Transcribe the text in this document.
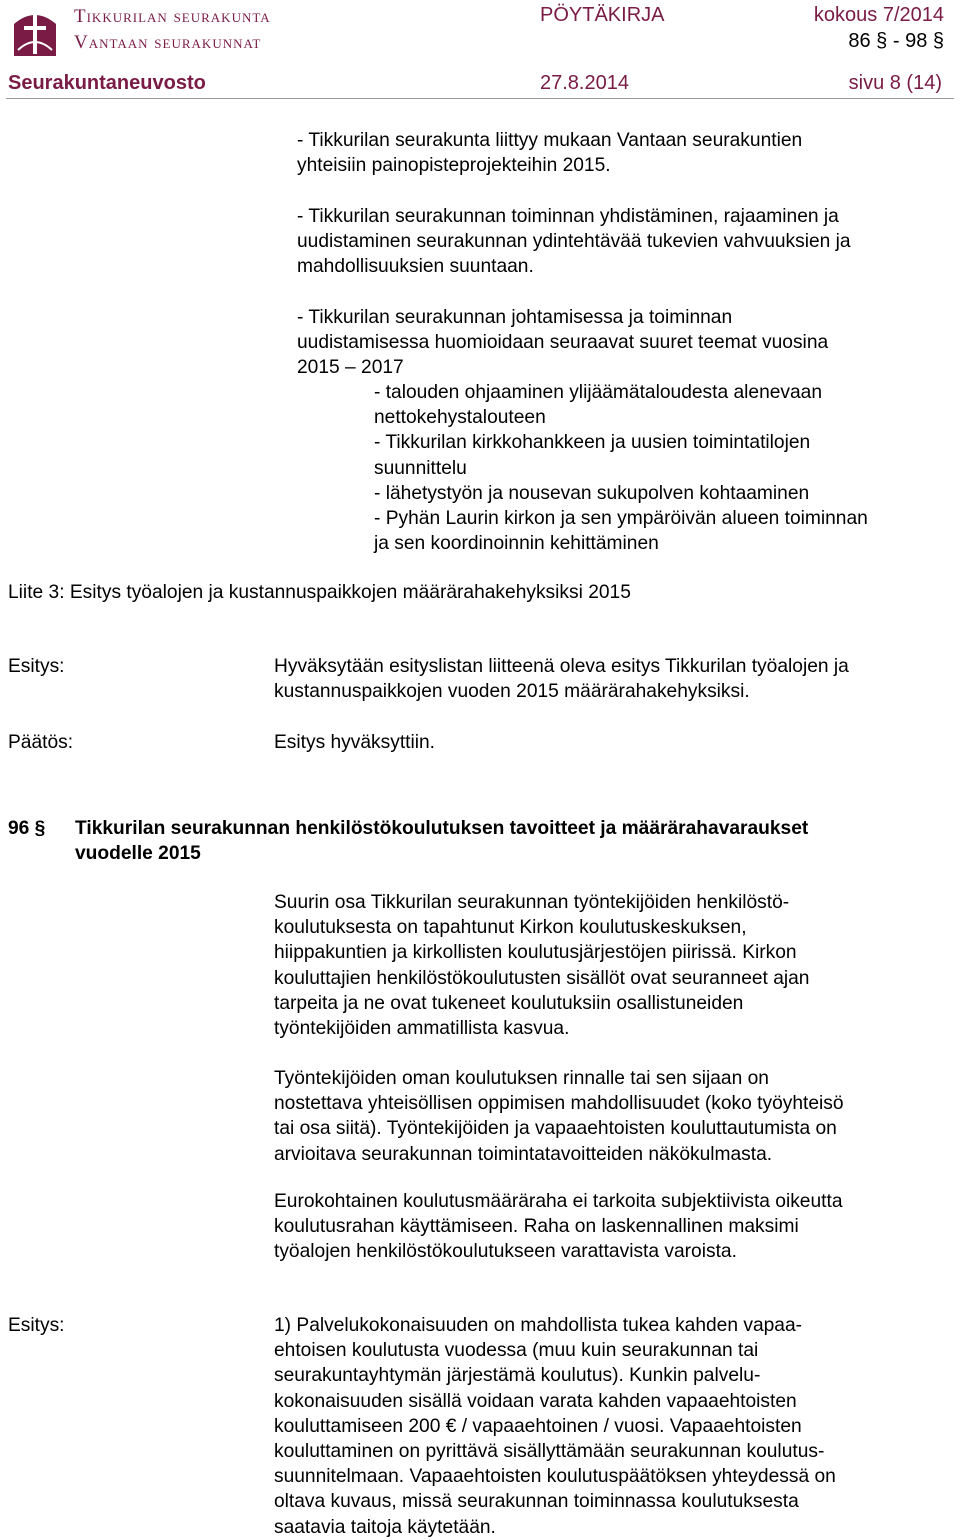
Tikkurilan seurakunta
Vantaan seurakunnat
PÖYTÄKIRJA	kokous 7/2014
86 § - 98 §
Seurakuntaneuvosto	27.8.2014	sivu 8 (14)
- Tikkurilan seurakunta liittyy mukaan Vantaan seurakuntien
yhteisiin painopisteprojekteihin 2015.
- Tikkurilan seurakunnan toiminnan yhdistäminen, rajaaminen ja
uudistaminen seurakunnan ydintehtävää tukevien vahvuuksien ja
mahdollisuuksien suuntaan.
- Tikkurilan seurakunnan johtamisessa ja toiminnan
uudistamisessa huomioidaan seuraavat suuret teemat vuosina
2015 – 2017
- talouden ohjaaminen ylijäämätaloudesta alenevaan
nettokehystalouteen
- Tikkurilan kirkkohankkeen ja uusien toimintatilojen
suunnittelu
- lähetystyön ja nousevan sukupolven kohtaaminen
- Pyhän Laurin kirkon ja sen ympäröivän alueen toiminnan
ja sen koordinoinnin kehittäminen
Liite 3: Esitys työalojen ja kustannuspaikkojen määrärahakehyksiksi 2015
Esitys:	Hyväksytään esityslistan liitteenä oleva esitys Tikkurilan työalojen ja
kustannuspaikkojen vuoden 2015 määrärahakehyksiksi.
Päätös:	Esitys hyväksyttiin.
96 § Tikkurilan seurakunnan henkilöstökoulutuksen tavoitteet ja määrärahavaraukset
vuodelle 2015
Suurin osa Tikkurilan seurakunnan työntekijöiden henkilöstö-
koulutuksesta on tapahtunut Kirkon koulutuskeskuksen,
hiippakuntien ja kirkollisten koulutusjärjestöjen piirissä. Kirkon
kouluttajien henkilöstökoulutusten sisällöt ovat seuranneet ajan
tarpeita ja ne ovat tukeneet koulutuksiin osallistuneiden
työntekijöiden ammatillista kasvua.
Työntekijöiden oman koulutuksen rinnalle tai sen sijaan on
nostettava yhteisöllisen oppimisen mahdollisuudet (koko työyhteisö
tai osa siitä). Työntekijöiden ja vapaaehtoisten kouluttautumista on
arvioitava seurakunnan toimintatavoitteiden näkökulmasta.
Eurokohtainen koulutusmääräraha ei tarkoita subjektiivista oikeutta
koulutusrahan käyttämiseen. Raha on laskennallinen maksimi
työalojen henkilöstökoulutukseen varattavista varoista.
Esitys:	1) Palvelukokonaisuuden on mahdollista tukea kahden vapaa-
ehtoisen koulutusta vuodessa (muu kuin seurakunnan tai
seurakuntayhtymän järjestämä koulutus). Kunkin palvelu-
kokonaisuuden sisällä voidaan varata kahden vapaaehtoisten
kouluttamiseen 200 € / vapaaehtoinen / vuosi. Vapaaehtoisten
kouluttaminen on pyrittävä sisällyttämään seurakunnan koulutus-
suunnitelmaan. Vapaaehtoisten koulutuspäätöksen yhteydessä on
oltava kuvaus, missä seurakunnan toiminnassa koulutuksesta
saatavia taitoja käytetään.
